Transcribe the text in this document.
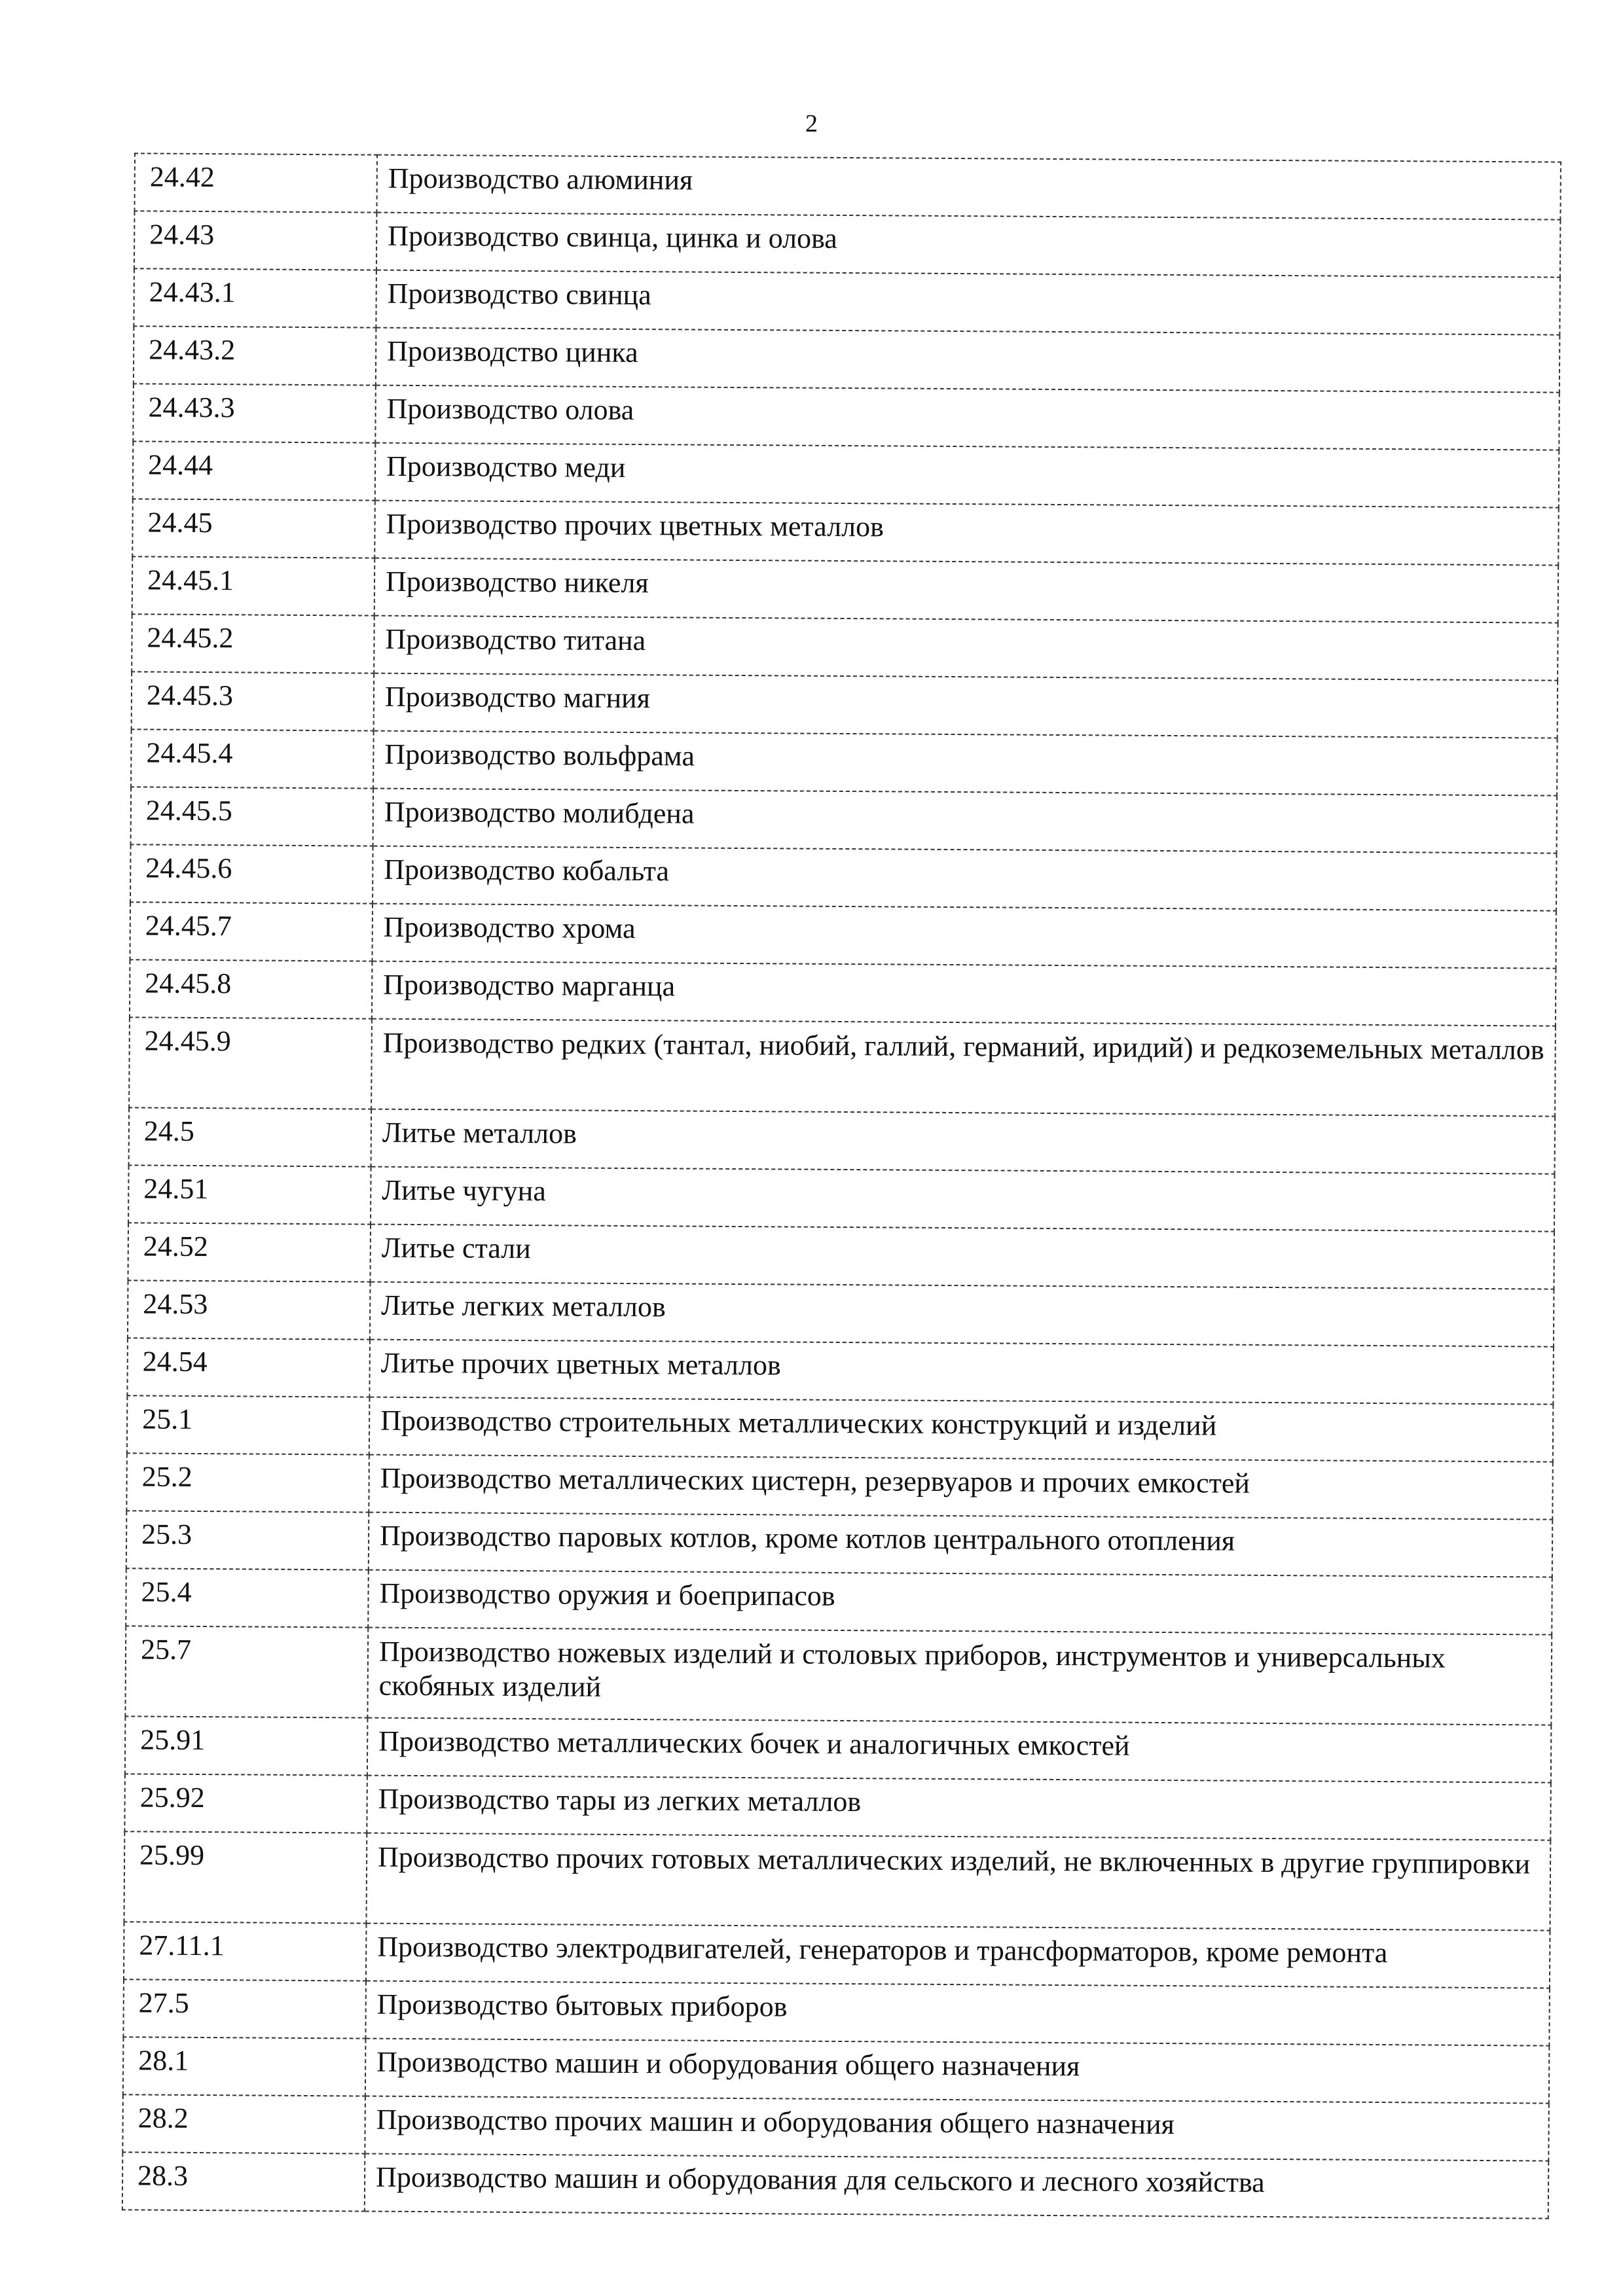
2
24.42	Производство алюминия
24.43	Производство свинца, цинка и олова
24.43.1	Производство свинца
24.43.2	Производство цинка
24.43.3	Производство олова
24.44	Производство меди
24.45	Производство прочих цветных металлов
24.45.1	Производство никеля
24.45.2	Производство титана
24.45.3	Производство магния
24.45.4	Производство вольфрама
24.45.5	Производство молибдена
24.45.6	Производство кобальта
24.45.7	Производство хрома
24.45.8	Производство марганца
24.45.9	Производство редких (тантал, ниобий, галлий, германий, иридий) и редкоземельных металлов
24.5	Литье металлов
24.51	Литье чугуна
24.52	Литье стали
24.53	Литье легких металлов
24.54	Литье прочих цветных металлов
25.1	Производство строительных металлических конструкций и изделий
25.2	Производство металлических цистерн, резервуаров и прочих емкостей
25.3	Производство паровых котлов, кроме котлов центрального отопления
25.4	Производство оружия и боеприпасов
25.7	Производство ножевых изделий и столовых приборов, инструментов и универсальных скобяных изделий
25.91	Производство металлических бочек и аналогичных емкостей
25.92	Производство тары из легких металлов
25.99	Производство прочих готовых металлических изделий, не включенных в другие группировки
27.11.1	Производство электродвигателей, генераторов и трансформаторов, кроме ремонта
27.5	Производство бытовых приборов
28.1	Производство машин и оборудования общего назначения
28.2	Производство прочих машин и оборудования общего назначения
28.3	Производство машин и оборудования для сельского и лесного хозяйства
